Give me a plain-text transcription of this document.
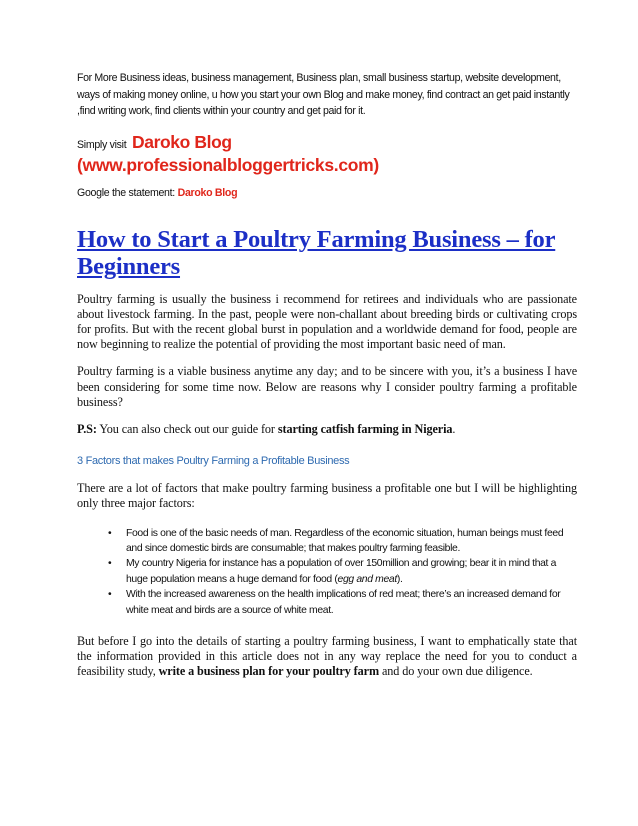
For More Business ideas, business management, Business plan, small business startup, website development, ways of making money online, u how you start your own Blog and make money, find contract an get paid instantly ,find writing work, find clients within your country and get paid for it.

Simply visit Daroko Blog
(www.professionalbloggertricks.com)
Google the statement: Daroko Blog
How to Start a Poultry Farming Business – for Beginners

Poultry farming is usually the business i recommend for retirees and individuals who are passionate about livestock farming. In the past, people were non-challant about breeding birds or cultivating crops for profits. But with the recent global burst in population and a worldwide demand for food, people are now beginning to realize the potential of providing the most important basic need of man.

Poultry farming is a viable business anytime any day; and to be sincere with you, it’s a business I have been considering for some time now. Below are reasons why I consider poultry farming a profitable business?

P.S: You can also check out our guide for starting catfish farming in Nigeria.

3 Factors that makes Poultry Farming a Profitable Business

There are a lot of factors that make poultry farming business a profitable one but I will be highlighting only three major factors:

• Food is one of the basic needs of man. Regardless of the economic situation, human beings must feed and since domestic birds are consumable; that makes poultry farming feasible.
• My country Nigeria for instance has a population of over 150million and growing; bear it in mind that a huge population means a huge demand for food (egg and meat).
• With the increased awareness on the health implications of red meat; there’s an increased demand for white meat and birds are a source of white meat.

But before I go into the details of starting a poultry farming business, I want to emphatically state that the information provided in this article does not in any way replace the need for you to conduct a feasibility study, write a business plan for your poultry farm and do your own due diligence.
